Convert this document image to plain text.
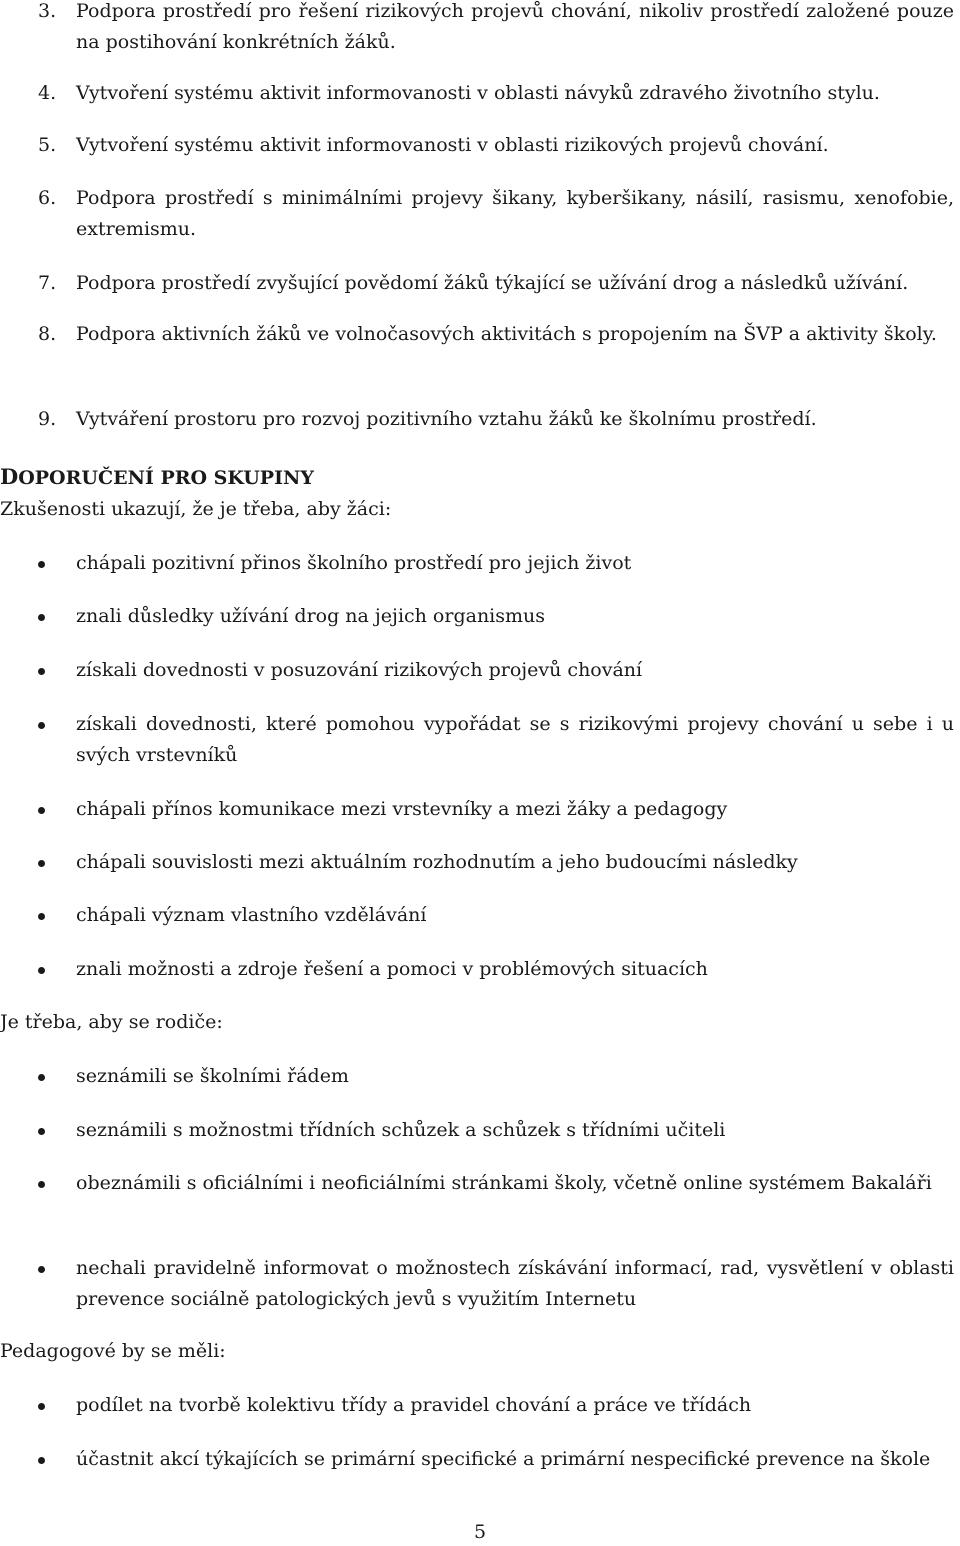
3. Podpora prostředí pro řešení rizikových projevů chování, nikoliv prostředí založené pouze na postihování konkrétních žáků.
4. Vytvoření systému aktivit informovanosti v oblasti návyků zdravého životního stylu.
5. Vytvoření systému aktivit informovanosti v oblasti rizikových projevů chování.
6. Podpora prostředí s minimálními projevy šikany, kyberšikany, násilí, rasismu, xenofobie, extremismu.
7. Podpora prostředí zvyšující povědomí žáků týkající se užívání drog a následků užívání.
8. Podpora aktivních žáků ve volnočasových aktivitách s propojením na ŠVP a aktivity školy.
9. Vytváření prostoru pro rozvoj pozitivního vztahu žáků ke školnímu prostředí.
DOPORUČENÍ PRO SKUPINY
Zkušenosti ukazují, že je třeba, aby žáci:
chápali pozitivní přinos školního prostředí pro jejich život
znali důsledky užívání drog na jejich organismus
získali dovednosti v posuzování rizikových projevů chování
získali dovednosti, které pomohou vypořádat se s rizikovými projevy chování u sebe i u svých vrstevníků
chápali přínos komunikace mezi vrstevníky a mezi žáky a pedagogy
chápali souvislosti mezi aktuálním rozhodnutím a jeho budoucími následky
chápali význam vlastního vzdělávání
znali možnosti a zdroje řešení a pomoci v problémových situacích
Je třeba, aby se rodiče:
seznámili se školními řádem
seznámili s možnostmi třídních schůzek a schůzek s třídními učiteli
obeznámili s oficiálními i neoficiálními stránkami školy, včetně online systémem Bakaláři
nechali pravidelně informovat o možnostech získávání informací, rad, vysvětlení v oblasti prevence sociálně patologických jevů s využitím Internetu
Pedagogové by se měli:
podílet na tvorbě kolektivu třídy a pravidel chování a práce ve třídách
účastnit akcí týkajících se primární specifické a primární nespecifické prevence na škole
5
